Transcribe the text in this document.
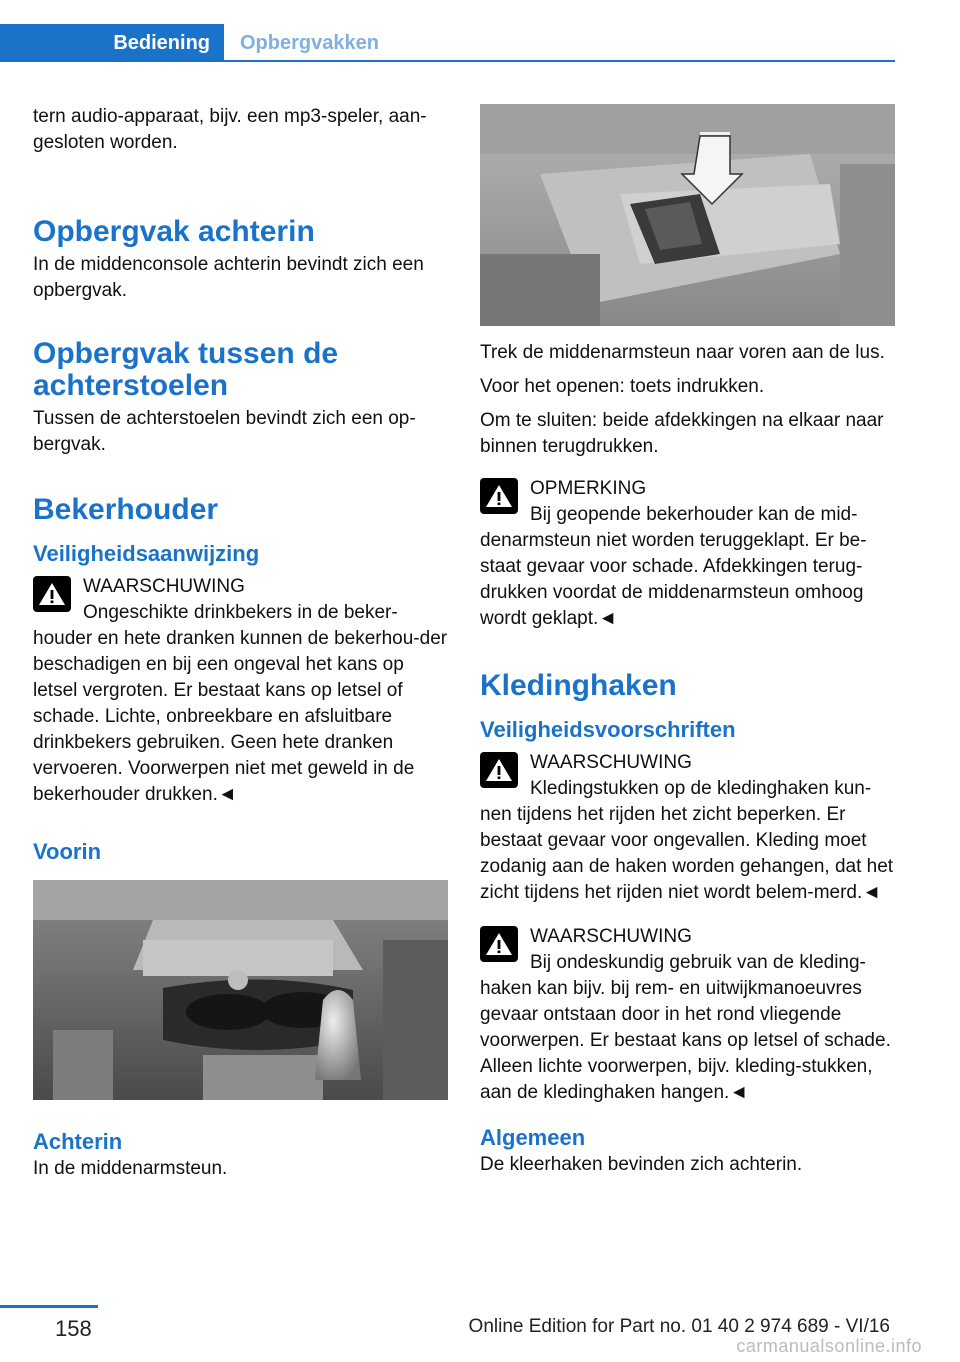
Bediening	Opbergvakken

tern audio-apparaat, bijv. een mp3-speler, aan-gesloten worden.

Opbergvak achterin

In de middenconsole achterin bevindt zich een opbergvak.

Opbergvak tussen de achterstoelen

Tussen de achterstoelen bevindt zich een op-bergvak.

Bekerhouder
Veiligheidsaanwijzing
WAARSCHUWING
Ongeschikte drinkbekers in de beker-houder en hete dranken kunnen de bekerhou-der beschadigen en bij een ongeval het kans op letsel vergroten. Er bestaat kans op letsel of schade. Lichte, onbreekbare en afsluitbare drinkbekers gebruiken. Geen hete dranken vervoeren. Voorwerpen niet met geweld in de bekerhouder drukken.◄
Voorin
Achterin

In de middenarmsteun.

Trek de middenarmsteun naar voren aan de lus.

Voor het openen: toets indrukken.

Om te sluiten: beide afdekkingen na elkaar naar binnen terugdrukken.

OPMERKING
Bij geopende bekerhouder kan de mid-denarmsteun niet worden teruggeklapt. Er be-staat gevaar voor schade. Afdekkingen terug-drukken voordat de middenarmsteun omhoog wordt geklapt.◄
Kledinghaken
Veiligheidsvoorschriften
WAARSCHUWING
Kledingstukken op de kledinghaken kun-nen tijdens het rijden het zicht beperken. Er bestaat gevaar voor ongevallen. Kleding moet zodanig aan de haken worden gehangen, dat het zicht tijdens het rijden niet wordt belem-merd.◄
WAARSCHUWING
Bij ondeskundig gebruik van de kleding-haken kan bijv. bij rem- en uitwijkmanoeuvres gevaar ontstaan door in het rond vliegende voorwerpen. Er bestaat kans op letsel of schade. Alleen lichte voorwerpen, bijv. kleding-stukken, aan de kledinghaken hangen.◄
Algemeen

De kleerhaken bevinden zich achterin.

158	Online Edition for Part no. 01 40 2 974 689 - VI/16
carmanualsonline.info
